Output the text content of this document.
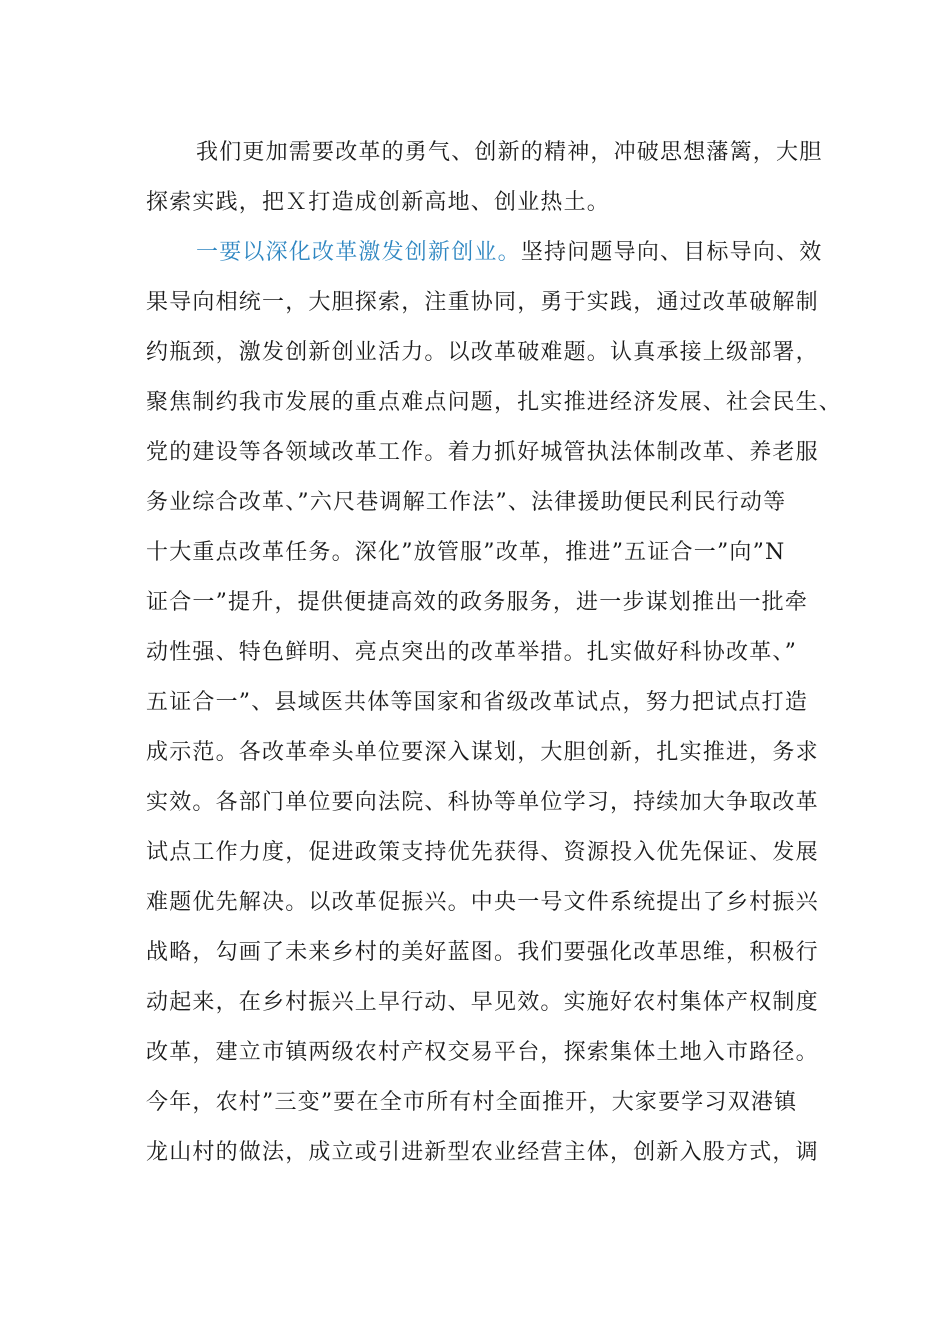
我们更加需要改革的勇气、创新的精神，冲破思想藩篱，大胆
探索实践，把Ｘ打造成创新高地、创业热土。

一要以深化改革激发创新创业。坚持问题导向、目标导向、效
果导向相统一，大胆探索，注重协同，勇于实践，通过改革破解制
约瓶颈，激发创新创业活力。以改革破难题。认真承接上级部署，
聚焦制约我市发展的重点难点问题，扎实推进经济发展、社会民生、
党的建设等各领域改革工作。着力抓好城管执法体制改革、养老服
务业综合改革、”六尺巷调解工作法”、法律援助便民利民行动等
十大重点改革任务。深化”放管服”改革，推进”五证合一”向”N
证合一”提升，提供便捷高效的政务服务，进一步谋划推出一批牵
动性强、特色鲜明、亮点突出的改革举措。扎实做好科协改革、”
五证合一”、县域医共体等国家和省级改革试点，努力把试点打造
成示范。各改革牵头单位要深入谋划，大胆创新，扎实推进，务求
实效。各部门单位要向法院、科协等单位学习，持续加大争取改革
试点工作力度，促进政策支持优先获得、资源投入优先保证、发展
难题优先解决。以改革促振兴。中央一号文件系统提出了乡村振兴
战略，勾画了未来乡村的美好蓝图。我们要强化改革思维，积极行
动起来，在乡村振兴上早行动、早见效。实施好农村集体产权制度
改革，建立市镇两级农村产权交易平台，探索集体土地入市路径。
今年，农村”三变”要在全市所有村全面推开，大家要学习双港镇
龙山村的做法，成立或引进新型农业经营主体，创新入股方式，调
